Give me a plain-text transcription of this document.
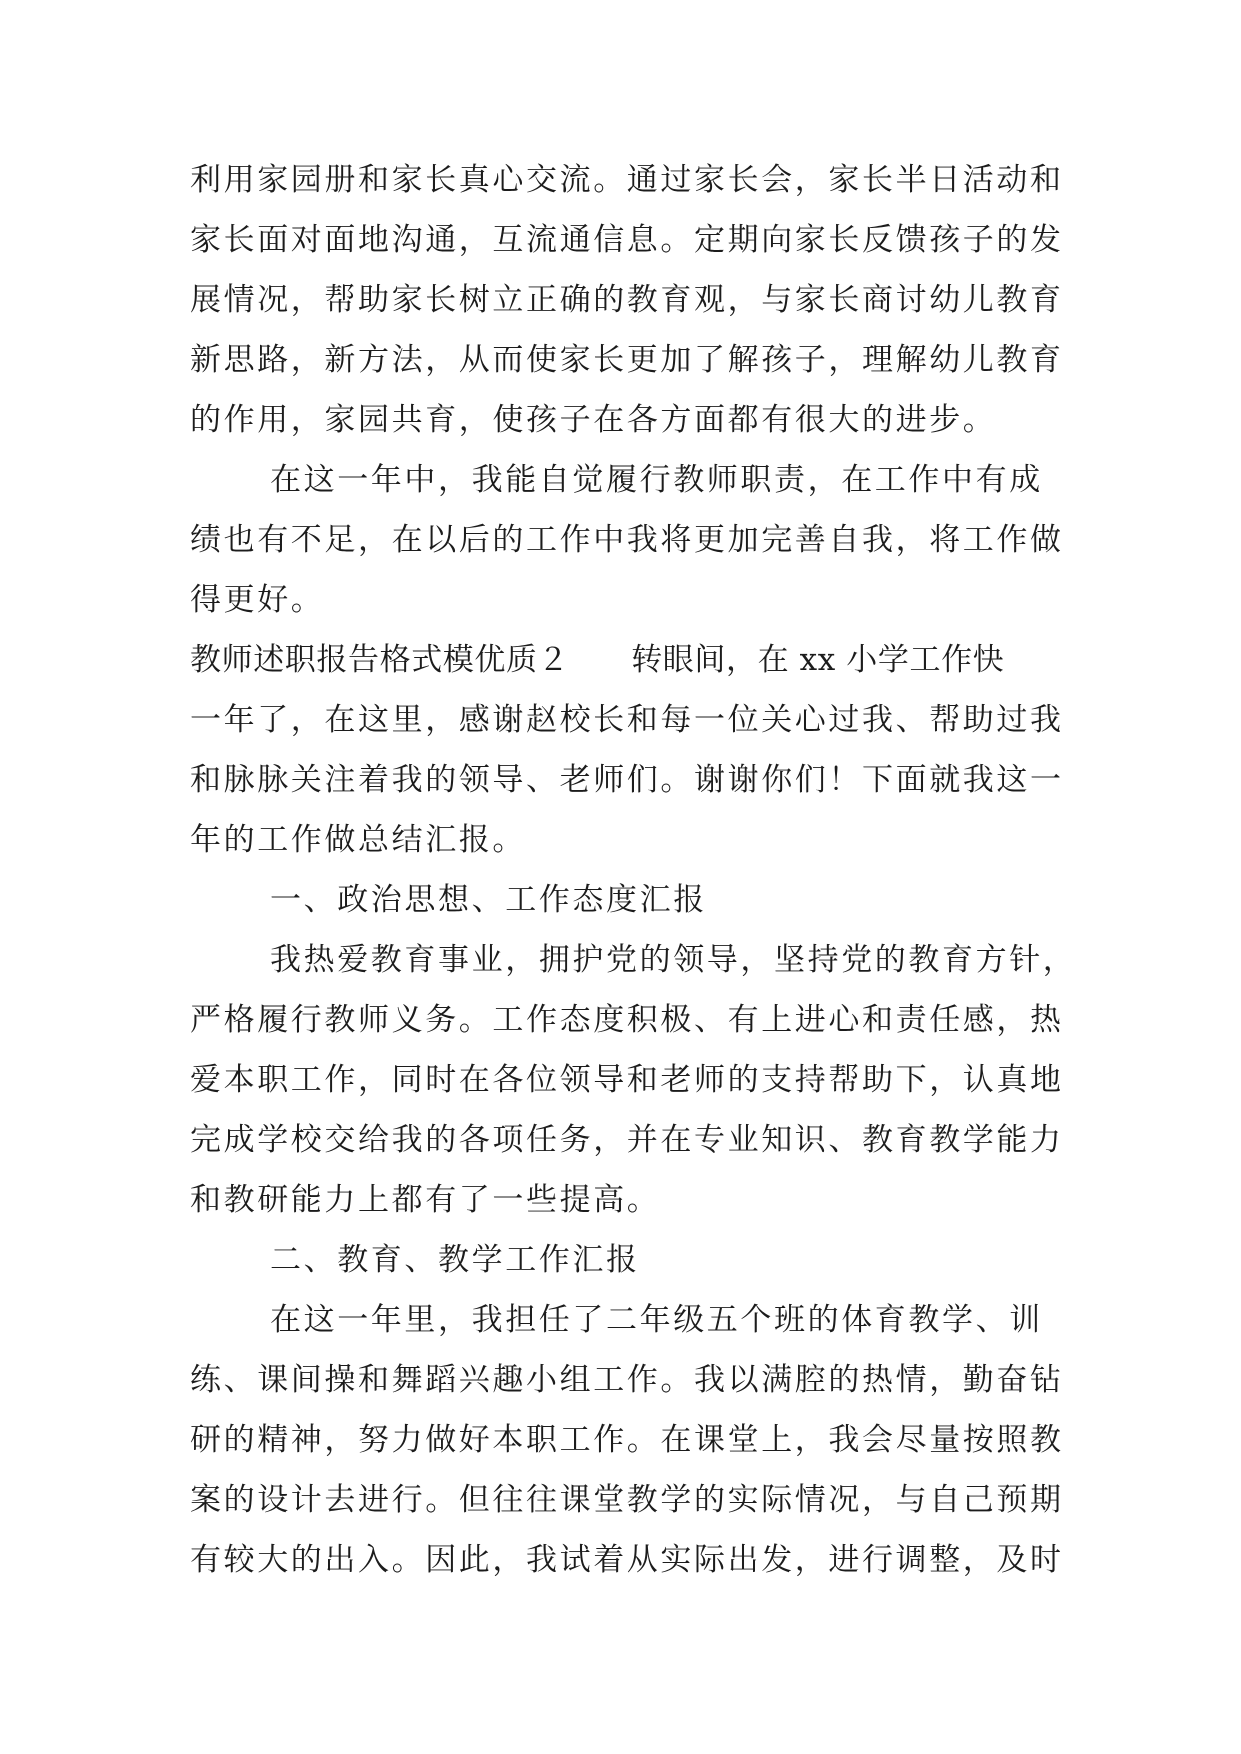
利用家园册和家长真心交流。通过家长会，家长半日活动和
家长面对面地沟通，互流通信息。定期向家长反馈孩子的发
展情况，帮助家长树立正确的教育观，与家长商讨幼儿教育
新思路，新方法，从而使家长更加了解孩子，理解幼儿教育
的作用，家园共育，使孩子在各方面都有很大的进步。
在这一年中，我能自觉履行教师职责，在工作中有成
绩也有不足，在以后的工作中我将更加完善自我，将工作做
得更好。
教师述职报告格式模优质２ 转眼间，在 xx 小学工作快
一年了，在这里，感谢赵校长和每一位关心过我、帮助过我
和脉脉关注着我的领导、老师们。谢谢你们！下面就我这一
年的工作做总结汇报。
一、政治思想、工作态度汇报
我热爱教育事业，拥护党的领导，坚持党的教育方针，
严格履行教师义务。工作态度积极、有上进心和责任感，热
爱本职工作，同时在各位领导和老师的支持帮助下，认真地
完成学校交给我的各项任务，并在专业知识、教育教学能力
和教研能力上都有了一些提高。
二、教育、教学工作汇报
在这一年里，我担任了二年级五个班的体育教学、训
练、课间操和舞蹈兴趣小组工作。我以满腔的热情，勤奋钻
研的精神，努力做好本职工作。在课堂上，我会尽量按照教
案的设计去进行。但往往课堂教学的实际情况，与自己预期
有较大的出入。因此，我试着从实际出发，进行调整，及时
